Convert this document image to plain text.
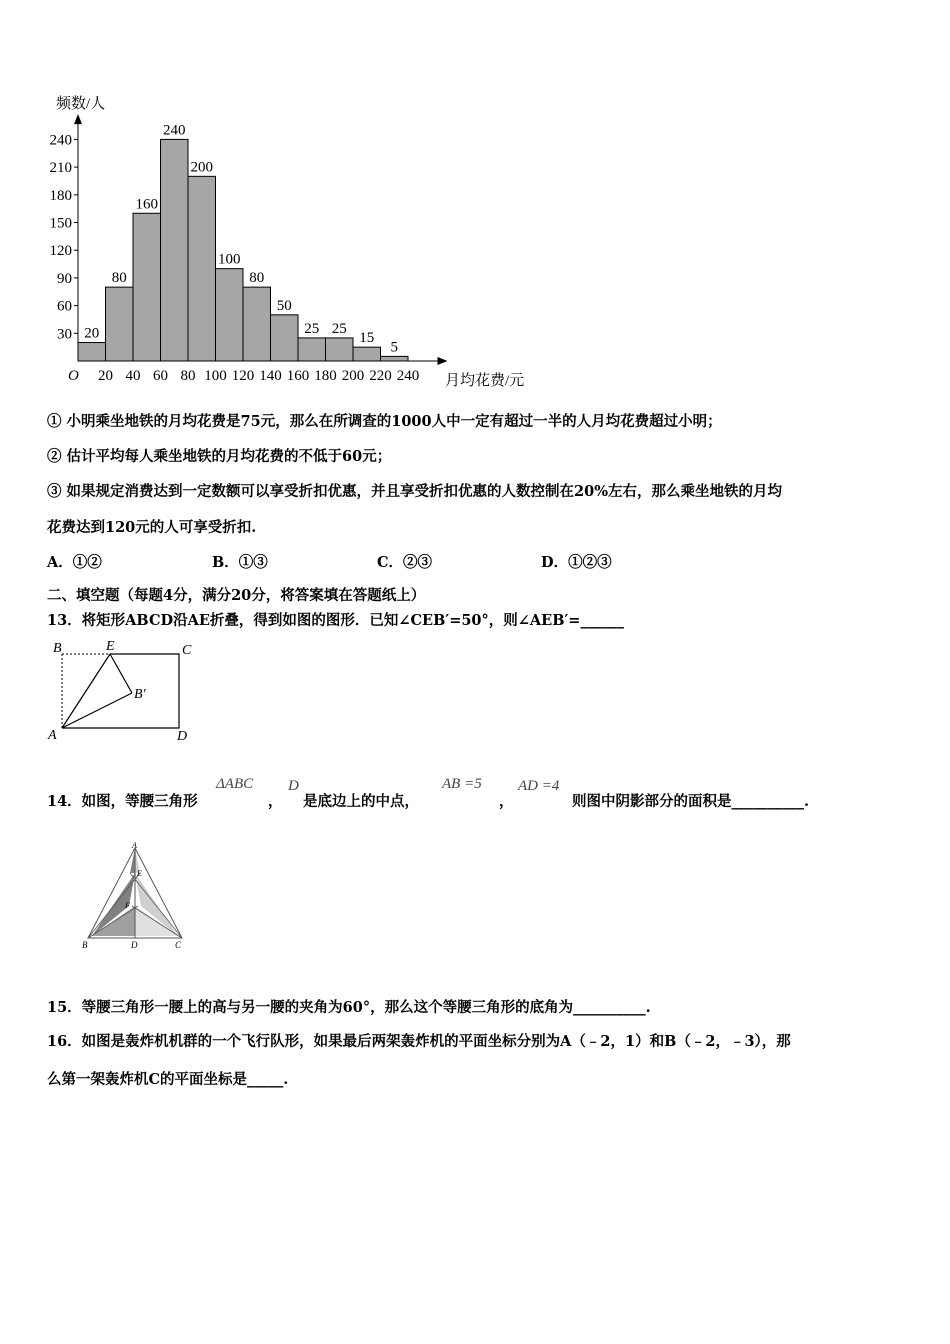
30
60
90
120
150
180
210
240
20 40 60 80 100 120 140 160 180 200 220 240
20
80
160
240
200
100
80
50
25 25
15
5
频数/人
月均花费/元
O
① 小明乘坐地铁的月均花费是75元，那么在所调查的1000人中一定有超过一半的人月均花费超过小明；
② 估计平均每人乘坐地铁的月均花费的不低于60元；
③ 如果规定消费达到一定数额可以享受折扣优惠，并且享受折扣优惠的人数控制在20%左右，那么乘坐地铁的月均
花费达到120元的人可享受折扣.
A．①②	B．①③	C．②③	D．①②③
二、填空题（每题4分，满分20分，将答案填在答题纸上）
13．将矩形ABCD沿AE折叠，得到如图的图形．已知∠CEB′=50°，则∠AEB′=______
B	E	C
B′
A	D
14．如图，等腰三角形
ΔABC
，
D
是底边上的中点，
AB =5
，
AD =4
则图中阴影部分的面积是__________.
A
E
F
B	D	C
15．等腰三角形一腰上的高与另一腰的夹角为60°，那么这个等腰三角形的底角为__________.
16．如图是轰炸机机群的一个飞行队形，如果最后两架轰炸机的平面坐标分别为A（﹣2，1）和B（﹣2，﹣3），那
么第一架轰炸机C的平面坐标是_____.
